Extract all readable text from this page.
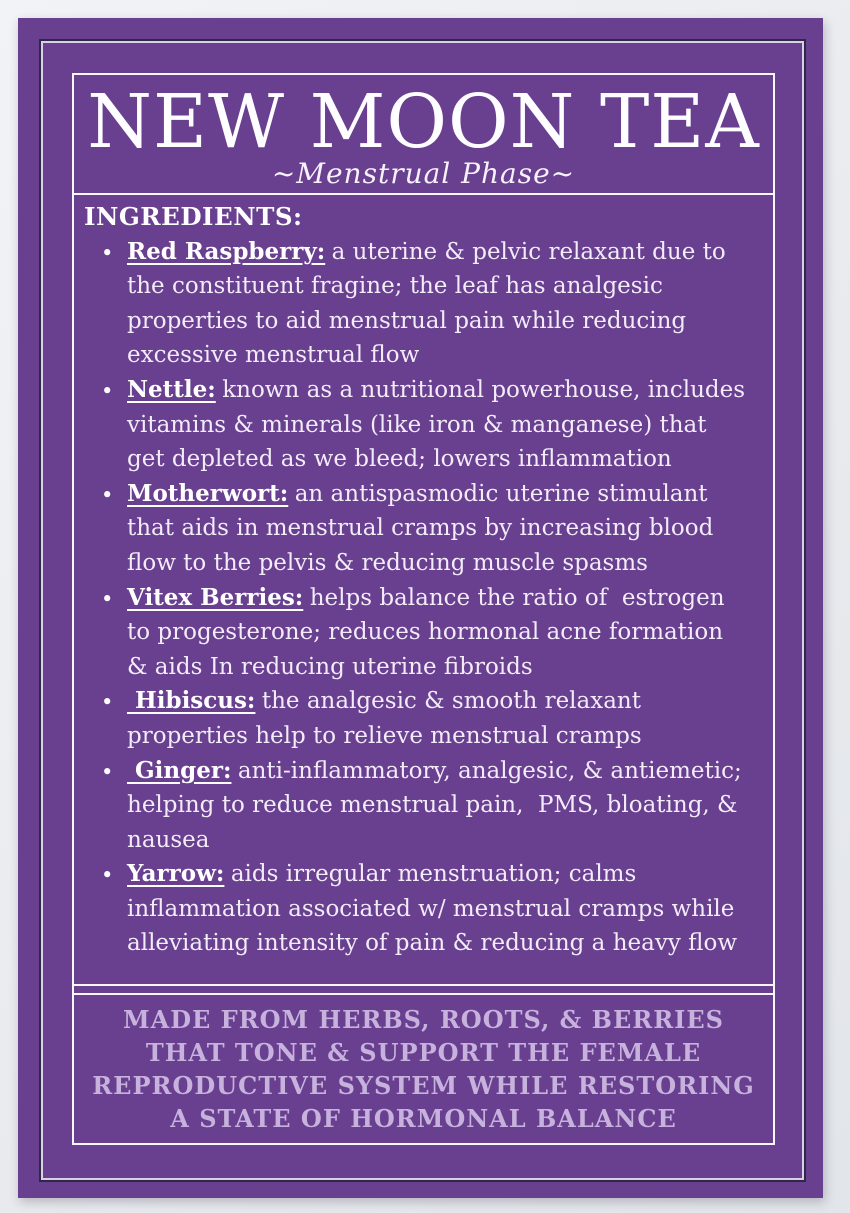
NEW MOON TEA
~Menstrual Phase~
INGREDIENTS:
• Red Raspberry: a uterine & pelvic relaxant due to the constituent fragine; the leaf has analgesic properties to aid menstrual pain while reducing excessive menstrual flow
• Nettle: known as a nutritional powerhouse, includes vitamins & minerals (like iron & manganese) that get depleted as we bleed; lowers inflammation
• Motherwort: an antispasmodic uterine stimulant that aids in menstrual cramps by increasing blood flow to the pelvis & reducing muscle spasms
• Vitex Berries: helps balance the ratio of  estrogen to progesterone; reduces hormonal acne formation & aids In reducing uterine fibroids
• Hibiscus: the analgesic & smooth relaxant properties help to relieve menstrual cramps
• Ginger: anti-inflammatory, analgesic, & antiemetic; helping to reduce menstrual pain,  PMS, bloating, & nausea
• Yarrow: aids irregular menstruation; calms inflammation associated w/ menstrual cramps while alleviating intensity of pain & reducing a heavy flow

MADE FROM HERBS, ROOTS, & BERRIES THAT TONE & SUPPORT THE FEMALE REPRODUCTIVE SYSTEM WHILE RESTORING A STATE OF HORMONAL BALANCE
